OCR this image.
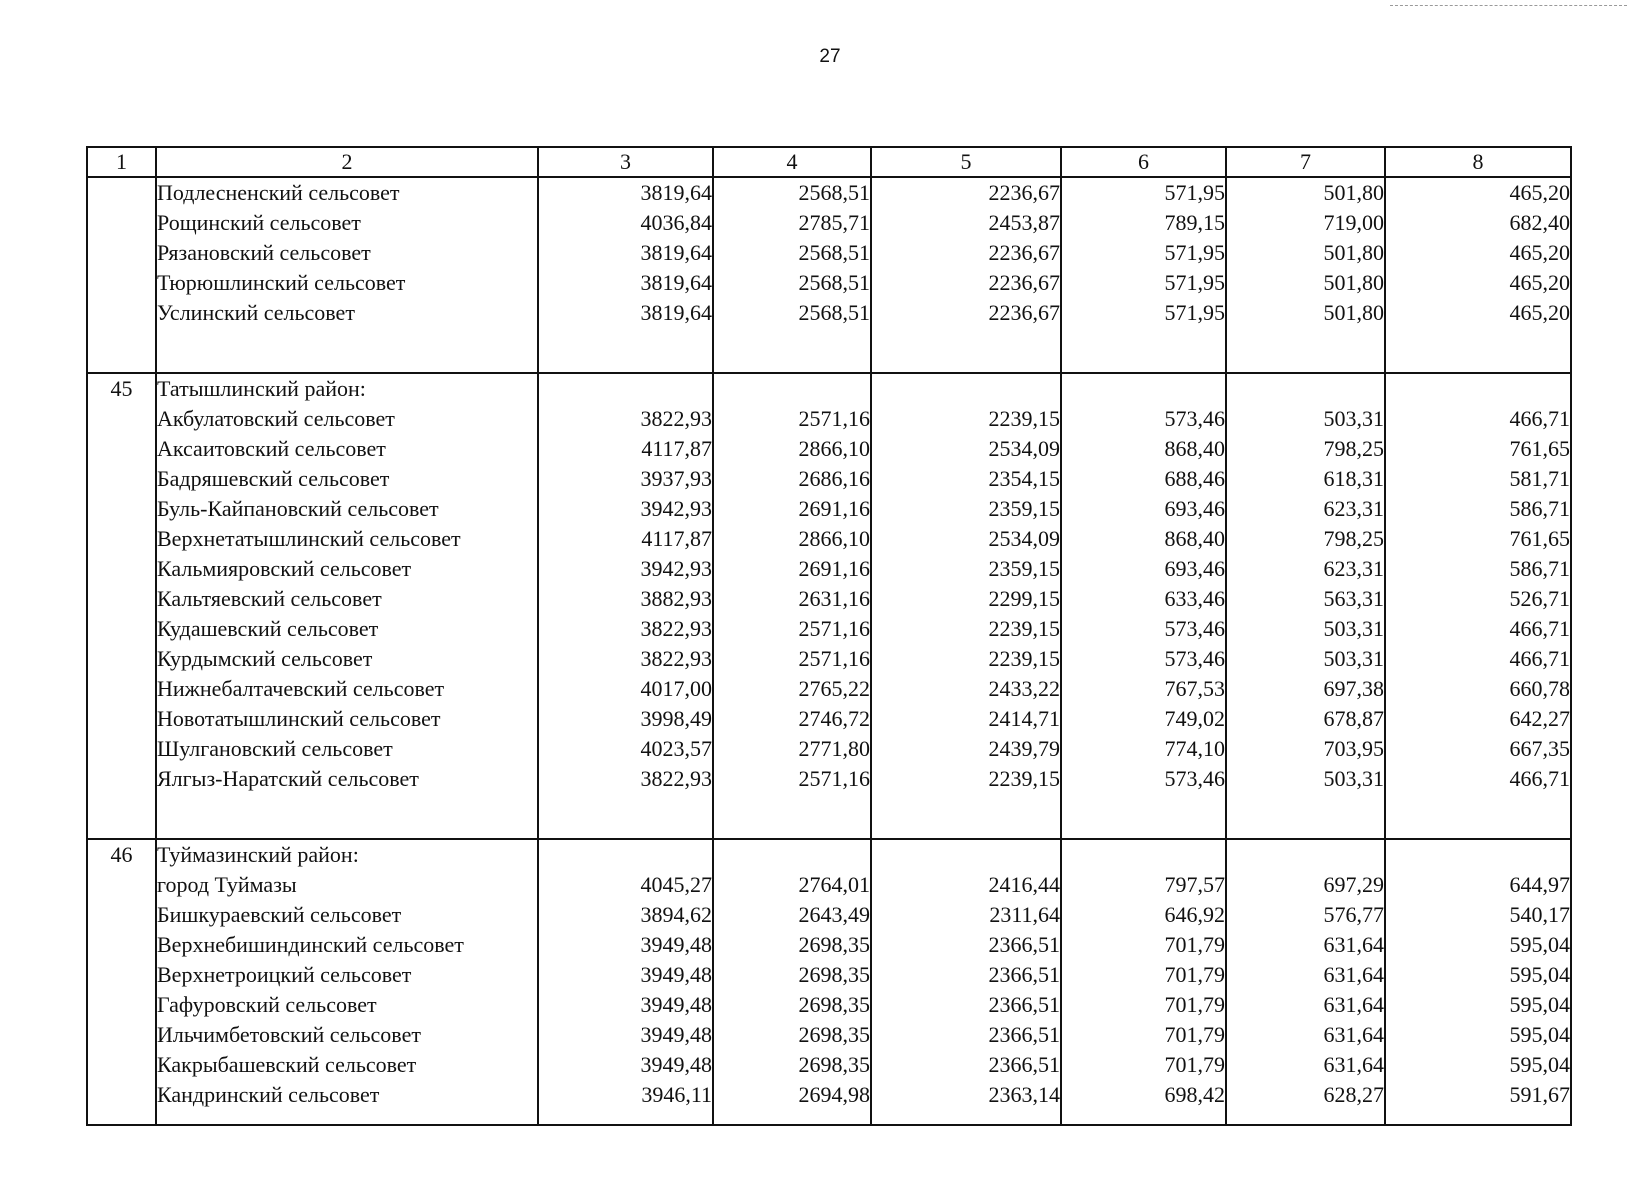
27
1	2	3	4	5	6	7	8
	Подлесненский сельсовет	3819,64	2568,51	2236,67	571,95	501,80	465,20
	Рощинский сельсовет	4036,84	2785,71	2453,87	789,15	719,00	682,40
	Рязановский сельсовет	3819,64	2568,51	2236,67	571,95	501,80	465,20
	Тюрюшлинский сельсовет	3819,64	2568,51	2236,67	571,95	501,80	465,20
	Услинский сельсовет	3819,64	2568,51	2236,67	571,95	501,80	465,20

45	Татышлинский район:						
	Акбулатовский сельсовет	3822,93	2571,16	2239,15	573,46	503,31	466,71
	Аксаитовский сельсовет	4117,87	2866,10	2534,09	868,40	798,25	761,65
	Бадряшевский сельсовет	3937,93	2686,16	2354,15	688,46	618,31	581,71
	Буль-Кайпановский сельсовет	3942,93	2691,16	2359,15	693,46	623,31	586,71
	Верхнетатышлинский сельсовет	4117,87	2866,10	2534,09	868,40	798,25	761,65
	Кальмияровский сельсовет	3942,93	2691,16	2359,15	693,46	623,31	586,71
	Кальтяевский сельсовет	3882,93	2631,16	2299,15	633,46	563,31	526,71
	Кудашевский сельсовет	3822,93	2571,16	2239,15	573,46	503,31	466,71
	Курдымский сельсовет	3822,93	2571,16	2239,15	573,46	503,31	466,71
	Нижнебалтачевский сельсовет	4017,00	2765,22	2433,22	767,53	697,38	660,78
	Новотатышлинский сельсовет	3998,49	2746,72	2414,71	749,02	678,87	642,27
	Шулгановский сельсовет	4023,57	2771,80	2439,79	774,10	703,95	667,35
	Ялгыз-Наратский сельсовет	3822,93	2571,16	2239,15	573,46	503,31	466,71

46	Туймазинский район:						
	город Туймазы	4045,27	2764,01	2416,44	797,57	697,29	644,97
	Бишкураевский сельсовет	3894,62	2643,49	2311,64	646,92	576,77	540,17
	Верхнебишиндинский сельсовет	3949,48	2698,35	2366,51	701,79	631,64	595,04
	Верхнетроицкий сельсовет	3949,48	2698,35	2366,51	701,79	631,64	595,04
	Гафуровский сельсовет	3949,48	2698,35	2366,51	701,79	631,64	595,04
	Ильчимбетовский сельсовет	3949,48	2698,35	2366,51	701,79	631,64	595,04
	Какрыбашевский сельсовет	3949,48	2698,35	2366,51	701,79	631,64	595,04
	Кандринский сельсовет	3946,11	2694,98	2363,14	698,42	628,27	591,67
